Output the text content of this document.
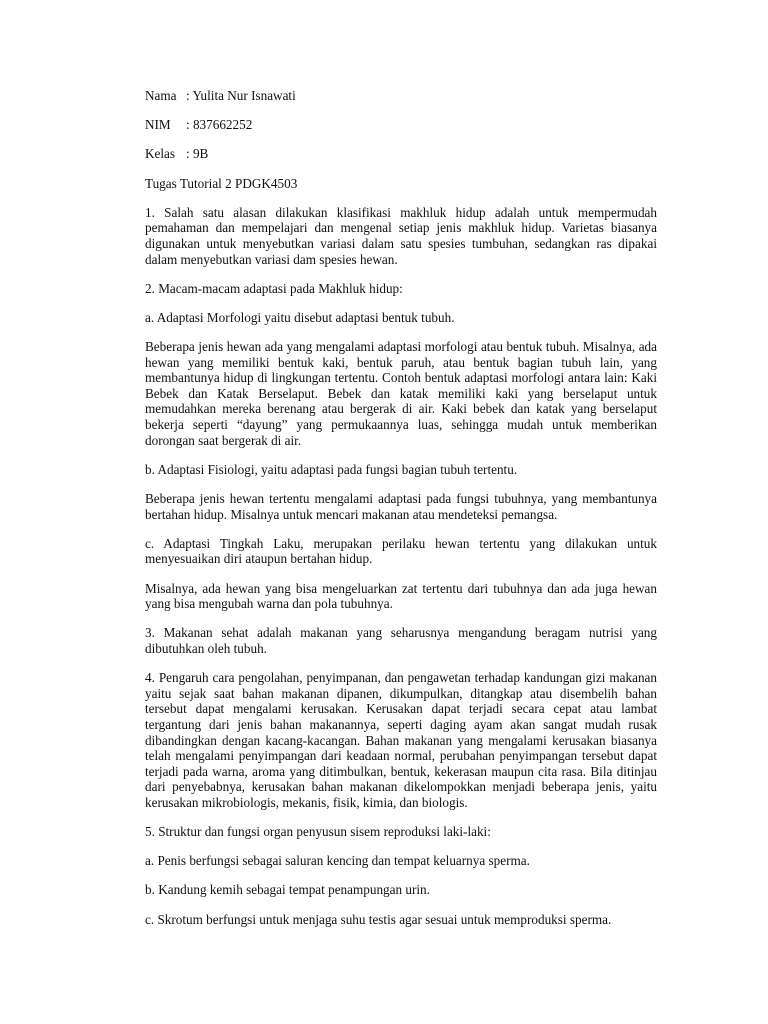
Nama : Yulita Nur Isnawati
NIM	: 837662252
Kelas : 9B

Tugas Tutorial 2 PDGK4503

1. Salah satu alasan dilakukan klasifikasi makhluk hidup adalah untuk mempermudah pemahaman dan mempelajari dan mengenal setiap jenis makhluk hidup. Varietas biasanya digunakan untuk menyebutkan variasi dalam satu spesies tumbuhan, sedangkan ras dipakai dalam menyebutkan variasi dam spesies hewan.

2. Macam-macam adaptasi pada Makhluk hidup:

a. Adaptasi Morfologi yaitu disebut adaptasi bentuk tubuh.

Beberapa jenis hewan ada yang mengalami adaptasi morfologi atau bentuk tubuh. Misalnya, ada hewan yang memiliki bentuk kaki, bentuk paruh, atau bentuk bagian tubuh lain, yang membantunya hidup di lingkungan tertentu. Contoh bentuk adaptasi morfologi antara lain: Kaki Bebek dan Katak Berselaput. Bebek dan katak memiliki kaki yang berselaput untuk memudahkan mereka berenang atau bergerak di air. Kaki bebek dan katak yang berselaput bekerja seperti “dayung” yang permukaannya luas, sehingga mudah untuk memberikan dorongan saat bergerak di air.

b. Adaptasi Fisiologi, yaitu adaptasi pada fungsi bagian tubuh tertentu.

Beberapa jenis hewan tertentu mengalami adaptasi pada fungsi tubuhnya, yang membantunya bertahan hidup. Misalnya untuk mencari makanan atau mendeteksi pemangsa.

c. Adaptasi Tingkah Laku, merupakan perilaku hewan tertentu yang dilakukan untuk menyesuaikan diri ataupun bertahan hidup.

Misalnya, ada hewan yang bisa mengeluarkan zat tertentu dari tubuhnya dan ada juga hewan yang bisa mengubah warna dan pola tubuhnya.

3. Makanan sehat adalah makanan yang seharusnya mengandung beragam nutrisi yang dibutuhkan oleh tubuh.

4. Pengaruh cara pengolahan, penyimpanan, dan pengawetan terhadap kandungan gizi makanan yaitu sejak saat bahan makanan dipanen, dikumpulkan, ditangkap atau disembelih bahan tersebut dapat mengalami kerusakan. Kerusakan dapat terjadi secara cepat atau lambat tergantung dari jenis bahan makanannya, seperti daging ayam akan sangat mudah rusak dibandingkan dengan kacang-kacangan. Bahan makanan yang mengalami kerusakan biasanya telah mengalami penyimpangan dari keadaan normal, perubahan penyimpangan tersebut dapat terjadi pada warna, aroma yang ditimbulkan, bentuk, kekerasan maupun cita rasa. Bila ditinjau dari penyebabnya, kerusakan bahan makanan dikelompokkan menjadi beberapa jenis, yaitu kerusakan mikrobiologis, mekanis, fisik, kimia, dan biologis.

5. Struktur dan fungsi organ penyusun sisem reproduksi laki-laki:

a. Penis berfungsi sebagai saluran kencing dan tempat keluarnya sperma.

b. Kandung kemih sebagai tempat penampungan urin.

c. Skrotum berfungsi untuk menjaga suhu testis agar sesuai untuk memproduksi sperma.
